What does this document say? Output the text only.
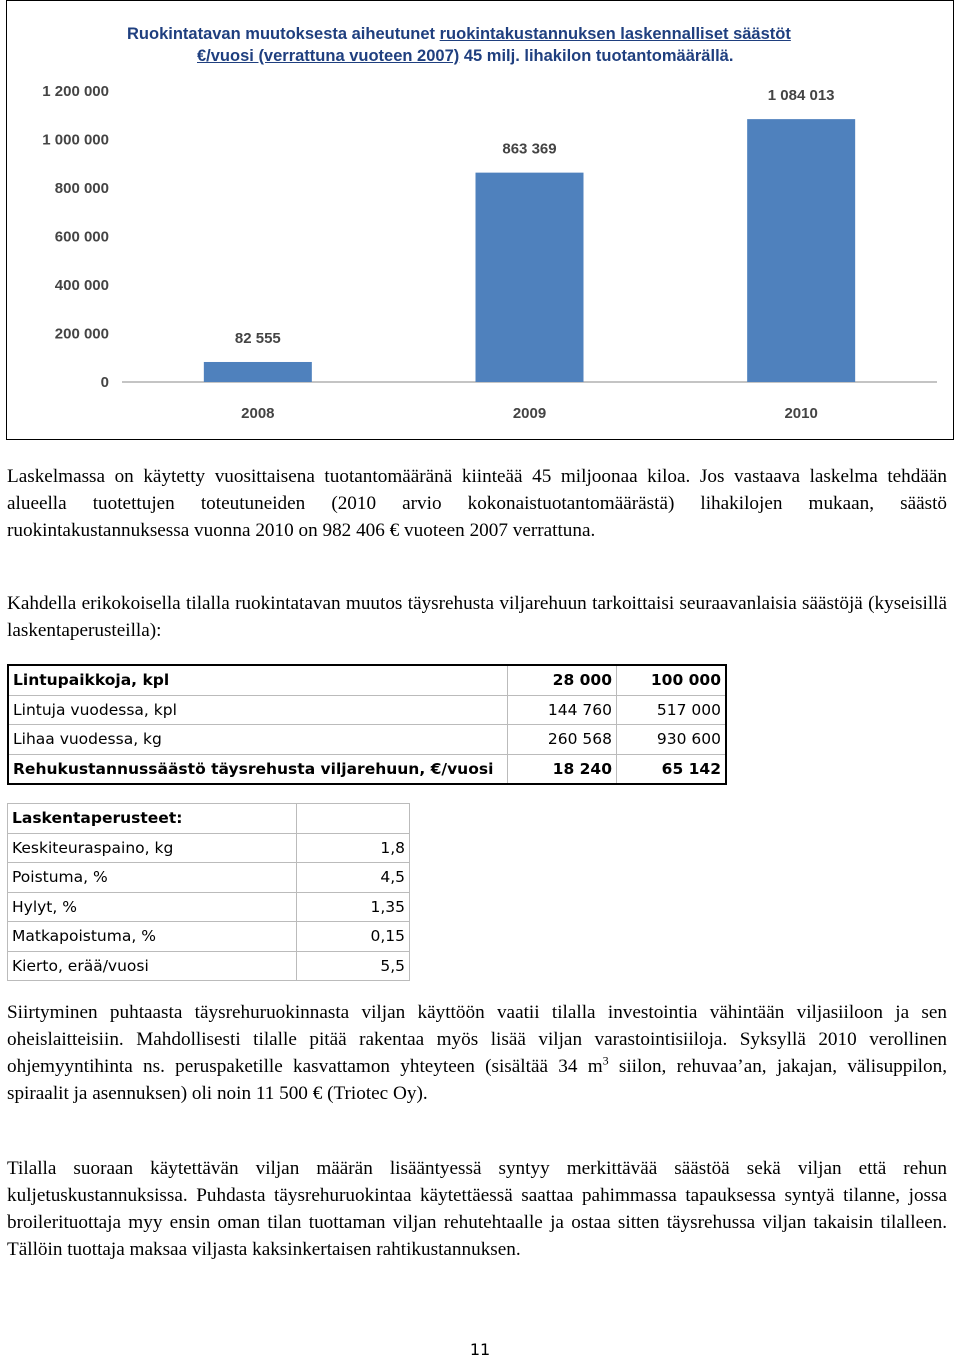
Ruokintatavan muutoksesta aiheutunet ruokintakustannuksen laskennalliset säästöt
€/vuosi (verrattuna vuoteen 2007) 45 milj. lihakilon tuotantomäärällä.
0
200 000
400 000
600 000
800 000
1 000 000
1 200 000
82 555
2008
863 369
2009
1 084 013
2010

Laskelmassa on käytetty vuosittaisena tuotantomääränä kiinteää 45 miljoonaa kiloa. Jos vastaava laskelma tehdään alueella tuotettujen toteutuneiden (2010 arvio kokonaistuotantomäärästä) lihakilojen mukaan, säästö ruokintakustannuksessa vuonna 2010 on 982 406 € vuoteen 2007 verrattuna.

Kahdella erikokoisella tilalla ruokintatavan muutos täysrehusta viljarehuun tarkoittaisi seuraavanlaisia säästöjä (kyseisillä laskentaperusteilla):

Lintupaikkoja, kpl	28 000	100 000
Lintuja vuodessa, kpl	144 760	517 000
Lihaa vuodessa, kg	260 568	930 600
Rehukustannussäästö täysrehusta viljarehuun, €/vuosi	18 240	65 142
Laskentaperusteet:	
Keskiteuraspaino, kg	1,8
Poistuma, %	4,5
Hylyt, %	1,35
Matkapoistuma, %	0,15
Kierto, erää/vuosi	5,5

Siirtyminen puhtaasta täysrehuruokinnasta viljan käyttöön vaatii tilalla investointia vähintään viljasiiloon ja sen oheislaitteisiin. Mahdollisesti tilalle pitää rakentaa myös lisää viljan varastointisiiloja. Syksyllä 2010 verollinen ohjemyyntihinta ns. peruspaketille kasvattamon yhteyteen (sisältää 34 $m^3$ siilon, rehuvaa’an, jakajan, välisuppilon, spiraalit ja asennuksen) oli noin 11 500 € (Triotec Oy).

Tilalla suoraan käytettävän viljan määrän lisääntyessä syntyy merkittävää säästöä sekä viljan että rehun kuljetuskustannuksissa. Puhdasta täysrehuruokintaa käytettäessä saattaa pahimmassa tapauksessa syntyä tilanne, jossa broilerituottaja myy ensin oman tilan tuottaman viljan rehutehtaalle ja ostaa sitten täysrehussa viljan takaisin tilalleen. Tällöin tuottaja maksaa viljasta kaksinkertaisen rahtikustannuksen.

11
